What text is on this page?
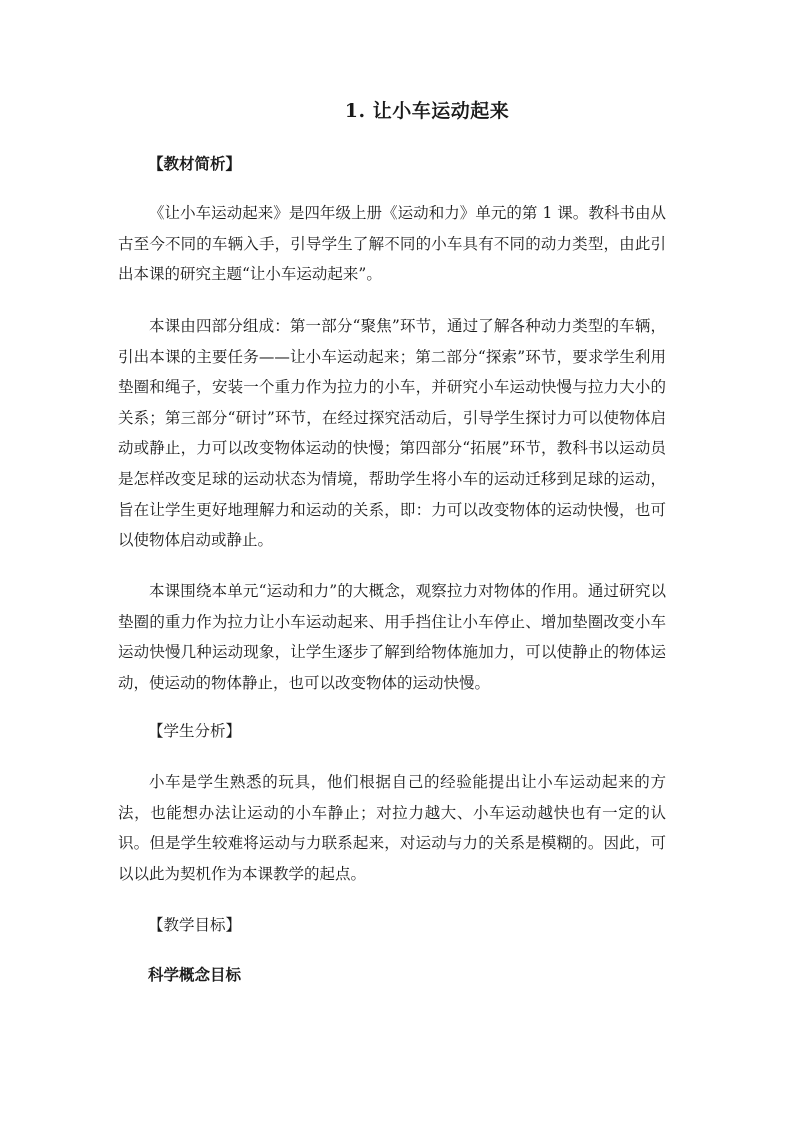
1. 让小车运动起来
【教材简析】

《让小车运动起来》是四年级上册《运动和力》单元的第 1 课。教科书由从古至今不同的车辆入手，引导学生了解不同的小车具有不同的动力类型，由此引出本课的研究主题“让小车运动起来”。

本课由四部分组成：第一部分“聚焦”环节，通过了解各种动力类型的车辆，引出本课的主要任务——让小车运动起来；第二部分“探索”环节，要求学生利用垫圈和绳子，安装一个重力作为拉力的小车，并研究小车运动快慢与拉力大小的关系；第三部分“研讨”环节，在经过探究活动后，引导学生探讨力可以使物体启动或静止，力可以改变物体运动的快慢；第四部分“拓展”环节，教科书以运动员是怎样改变足球的运动状态为情境，帮助学生将小车的运动迁移到足球的运动，旨在让学生更好地理解力和运动的关系，即：力可以改变物体的运动快慢，也可以使物体启动或静止。

本课围绕本单元“运动和力”的大概念，观察拉力对物体的作用。通过研究以垫圈的重力作为拉力让小车运动起来、用手挡住让小车停止、增加垫圈改变小车运动快慢几种运动现象，让学生逐步了解到给物体施加力，可以使静止的物体运动，使运动的物体静止，也可以改变物体的运动快慢。

【学生分析】

小车是学生熟悉的玩具，他们根据自己的经验能提出让小车运动起来的方法，也能想办法让运动的小车静止；对拉力越大、小车运动越快也有一定的认识。但是学生较难将运动与力联系起来，对运动与力的关系是模糊的。因此，可以以此为契机作为本课教学的起点。

【教学目标】
科学概念目标
